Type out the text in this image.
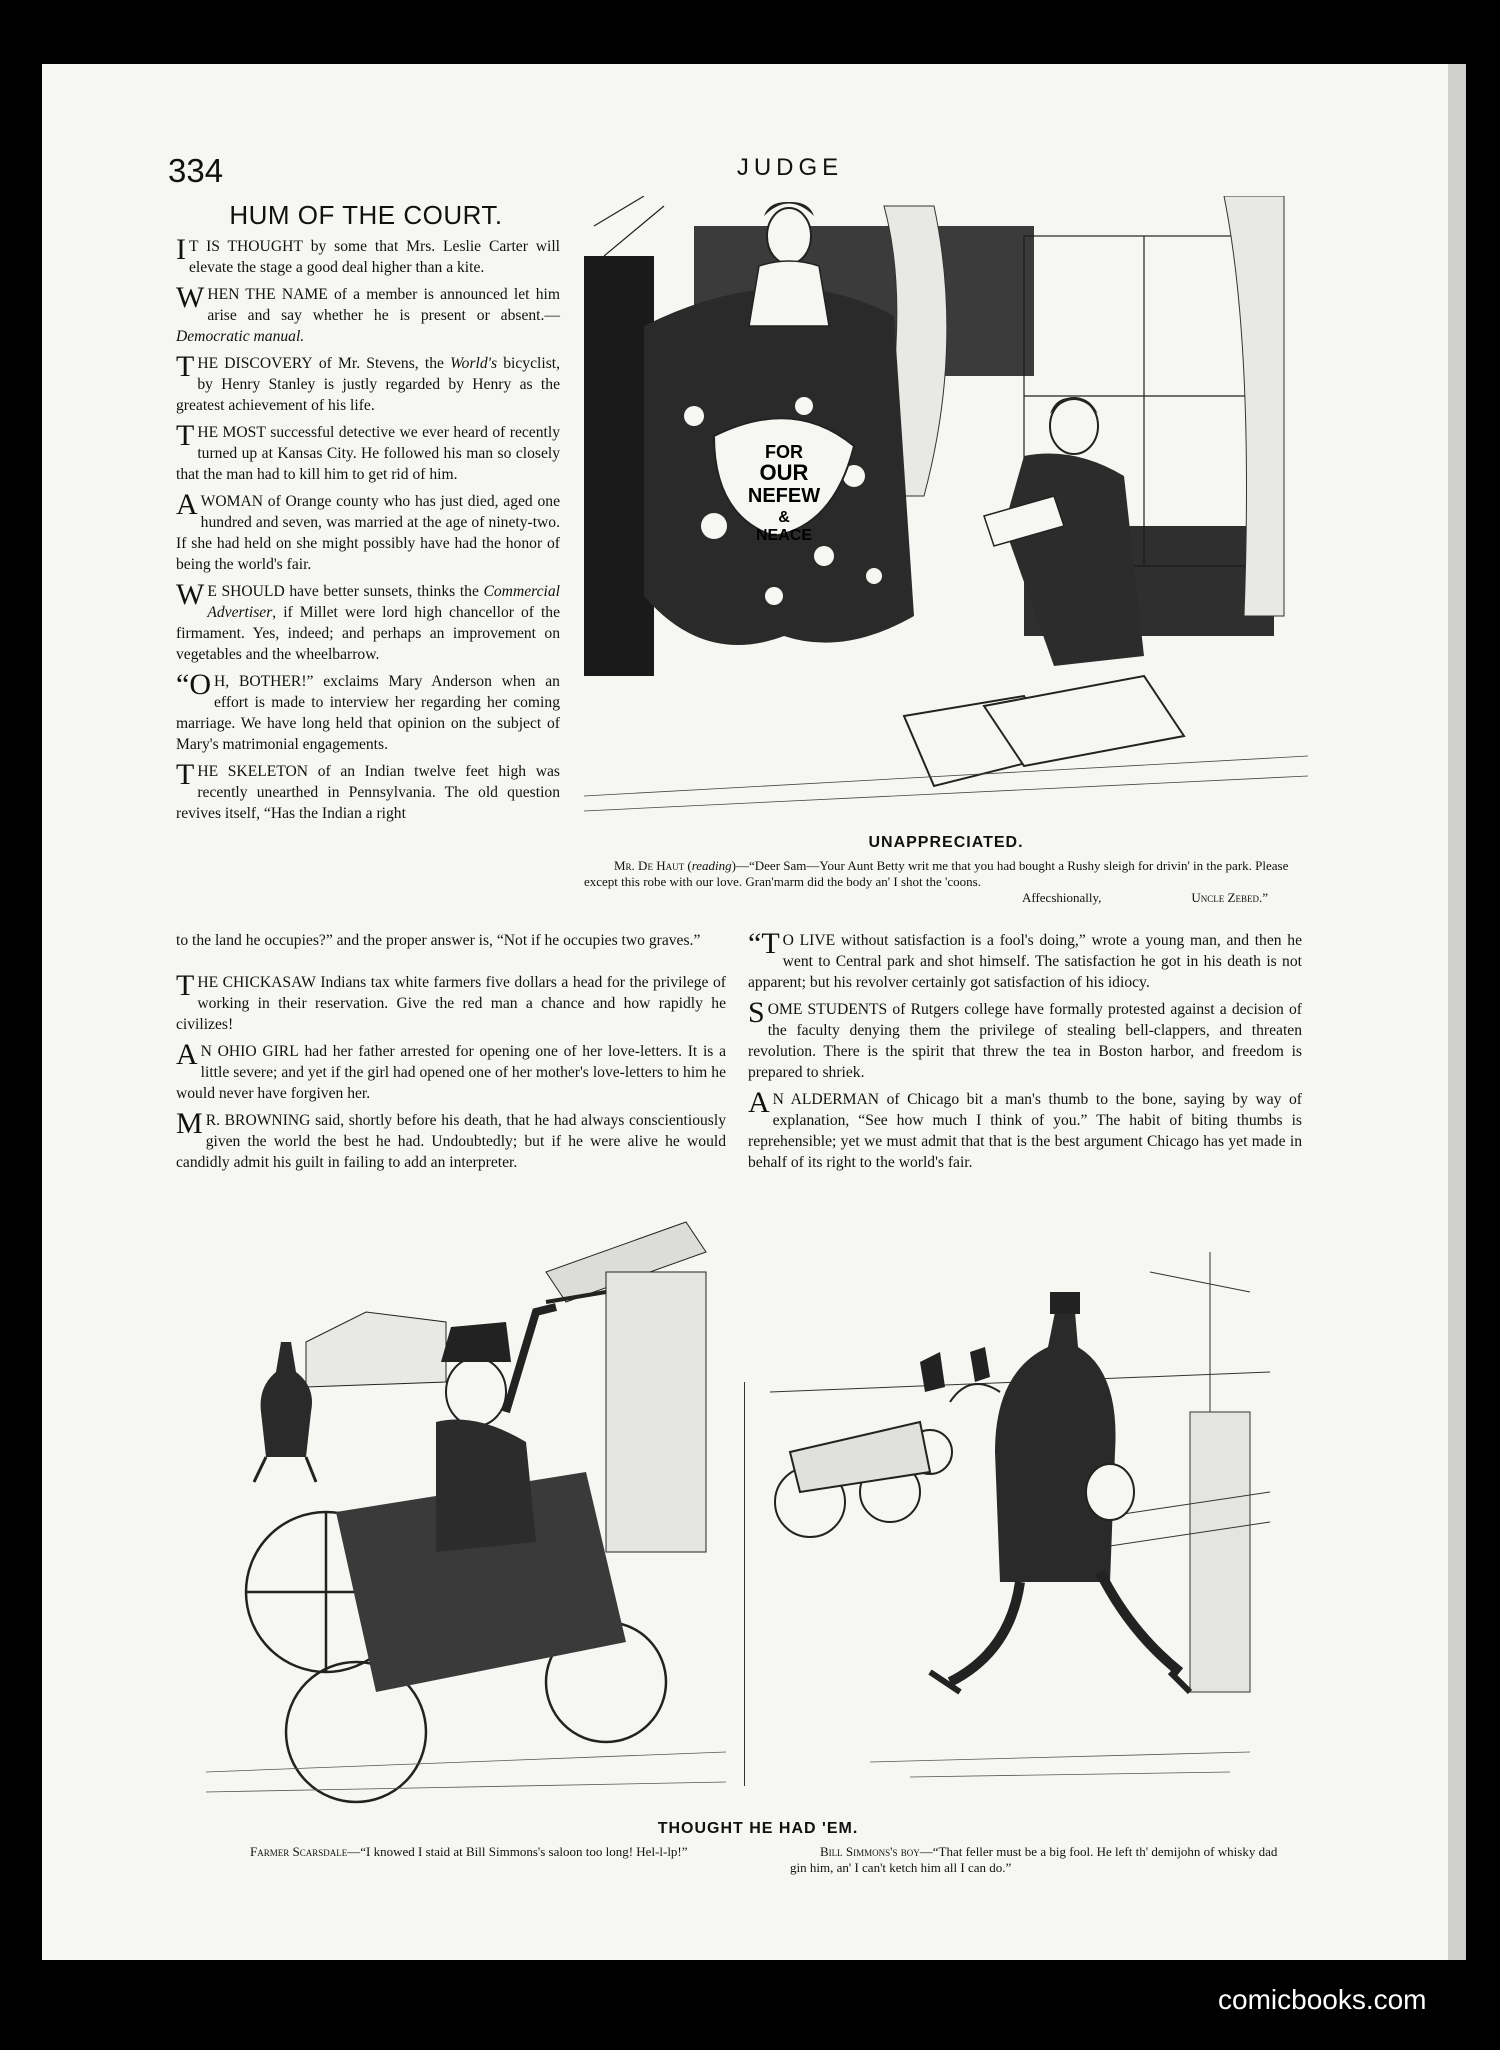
334	JUDGE
HUM OF THE COURT.

I T IS THOUGHT by some that Mrs. Leslie Carter will elevate the stage a good deal higher than a kite.

WHEN THE NAME of a member is announced let him arise and say whether he is present or absent.—Democratic manual.

THE DISCOVERY of Mr. Stevens, the World's bicyclist, by Henry Stanley is justly regarded by Henry as the greatest achievement of his life.

THE MOST successful detective we ever heard of recently turned up at Kansas City. He followed his man so closely that the man had to kill him to get rid of him.

A WOMAN of Orange county who has just died, aged one hundred and seven, was married at the age of ninety-two. If she had held on she might possibly have had the honor of being the world's fair.

W E SHOULD have better sunsets, thinks the Commercial Advertiser, if Millet were lord high chancellor of the firmament. Yes, indeed; and perhaps an improvement on vegetables and the wheelbarrow.

“O H, BOTHER!” exclaims Mary Anderson when an effort is made to interview her regarding her coming marriage. We have long held that opinion on the subject of Mary's matrimonial engagements.

THE SKELETON of an Indian twelve feet high was recently unearthed in Pennsylvania. The old question revives itself, “Has the Indian a right

to the land he occupies?” and the proper answer is, “Not if he occupies two graves.”

THE CHICKASAW Indians tax white farmers five dollars a head for the privilege of working in their reservation. Give the red man a chance and how rapidly he civilizes!

A N OHIO GIRL had her father arrested for opening one of her love-letters. It is a little severe; and yet if the girl had opened one of her mother's love-letters to him he would never have forgiven her.

M R. BROWNING said, shortly before his death, that he had always conscientiously given the world the best he had. Undoubtedly; but if he were alive he would candidly admit his guilt in failing to add an interpreter.

“T O LIVE without satisfaction is a fool's doing,” wrote a young man, and then he went to Central park and shot himself. The satisfaction he got in his death is not apparent; but his revolver certainly got satisfaction of his idiocy.

SOME STUDENTS of Rutgers college have formally protested against a decision of the faculty denying them the privilege of stealing bell-clappers, and threaten revolution. There is the spirit that threw the tea in Boston harbor, and freedom is prepared to shriek.

A N ALDERMAN of Chicago bit a man's thumb to the bone, saying by way of explanation, “See how much I think of you.” The habit of biting thumbs is reprehensible; yet we must admit that that is the best argument Chicago has yet made in behalf of its right to the world's fair.

FOR
OUR
NEFEW
&
NEACE
UNAPPRECIATED.
Mr. De Haut (reading)—“Deer Sam—Your Aunt Betty writ me that you had bought a Rushy sleigh for drivin' in the park. Please except this robe with our love. Gran'marm did the body an' I shot the 'coons.
Affecshionally,	Uncle Zebed.”
THOUGHT HE HAD 'EM.
Farmer Scarsdale—“I knowed I staid at Bill Simmons's saloon too long! Hel-l-lp!”	Bill Simmons's boy—“That feller must be a big fool. He left th' demijohn of whisky dad gin him, an' I can't ketch him all I can do.”
comicbooks.com
